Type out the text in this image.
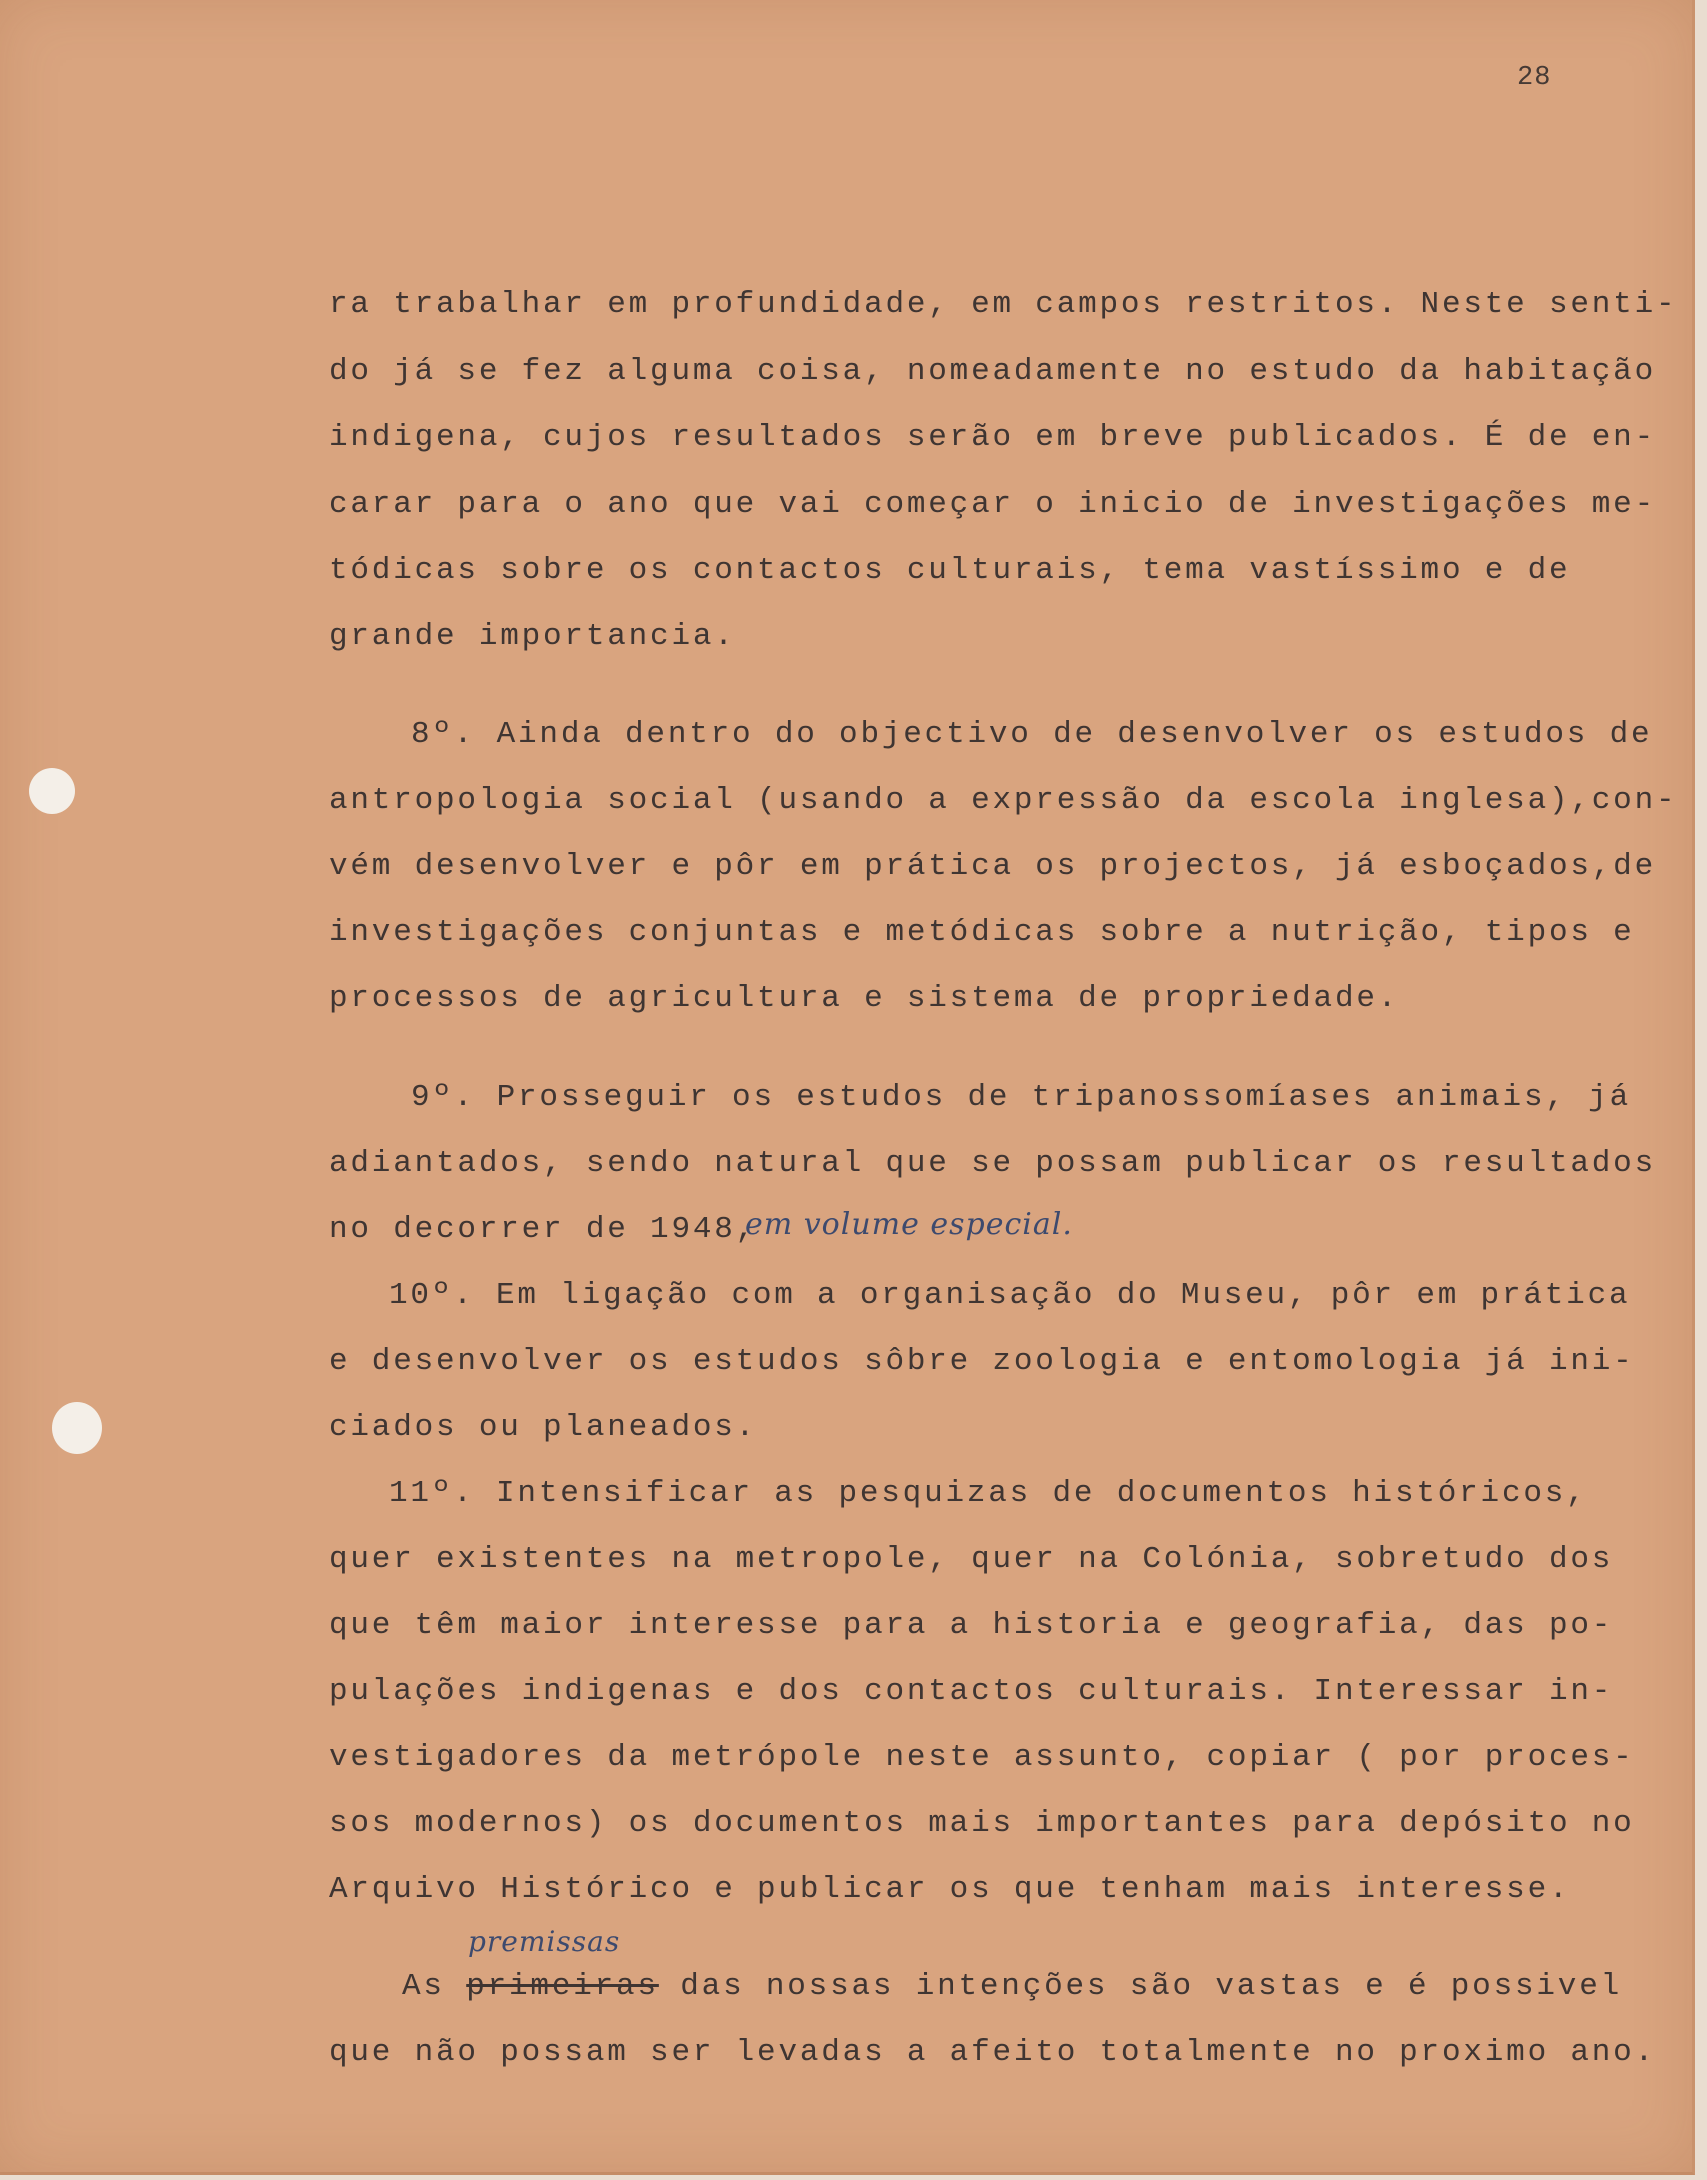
28
ra trabalhar em profundidade, em campos restritos. Neste senti-
do já se fez alguma coisa, nomeadamente no estudo da habitação
indigena, cujos resultados serão em breve publicados. É de en-
carar para o ano que vai começar o inicio de investigações me-
tódicas sobre os contactos culturais, tema vastíssimo e de
grande importancia.
8º. Ainda dentro do objectivo de desenvolver os estudos de
antropologia social (usando a expressão da escola inglesa),con-
vém desenvolver e pôr em prática os projectos, já esboçados,de
investigações conjuntas e metódicas sobre a nutrição, tipos e
processos de agricultura e sistema de propriedade.
9º. Prosseguir os estudos de tripanossomíases animais, já
adiantados, sendo natural que se possam publicar os resultados
no decorrer de 1948,
em volume especial.
10º. Em ligação com a organisação do Museu, pôr em prática
e desenvolver os estudos sôbre zoologia e entomologia já ini-
ciados ou planeados.
11º. Intensificar as pesquizas de documentos históricos,
quer existentes na metropole, quer na Colónia, sobretudo dos
que têm maior interesse para a historia e geografia, das po-
pulações indigenas e dos contactos culturais. Interessar in-
vestigadores da metrópole neste assunto, copiar ( por proces-
sos modernos) os documentos mais importantes para depósito no
Arquivo Histórico e publicar os que tenham mais interesse.
premissas
As primeiras das nossas intenções são vastas e é possivel
que não possam ser levadas a afeito totalmente no proximo ano.
